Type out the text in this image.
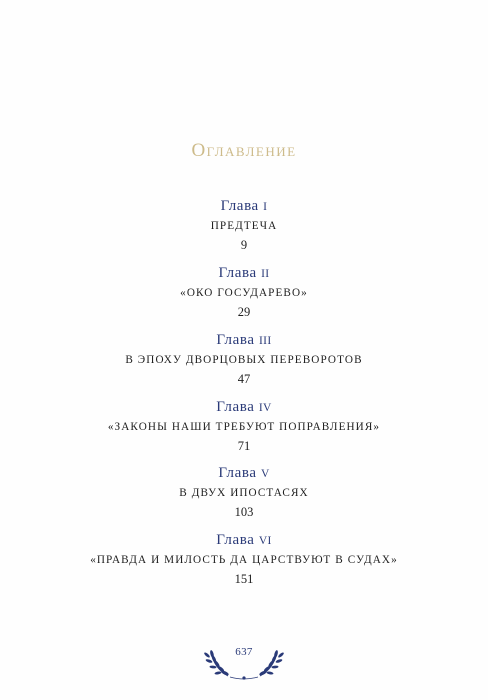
Оглавление
Глава I
ПРЕДТЕЧА
9
Глава II
«ОКО ГОСУДАРЕВО»
29
Глава III
В ЭПОХУ ДВОРЦОВЫХ ПЕРЕВОРОТОВ
47
Глава IV
«ЗАКОНЫ НАШИ ТРЕБУЮТ ПОПРАВЛЕНИЯ»
71
Глава V
В ДВУХ ИПОСТАСЯХ
103
Глава VI
«ПРАВДА И МИЛОСТЬ ДА ЦАРСТВУЮТ В СУДАХ»
151
637
